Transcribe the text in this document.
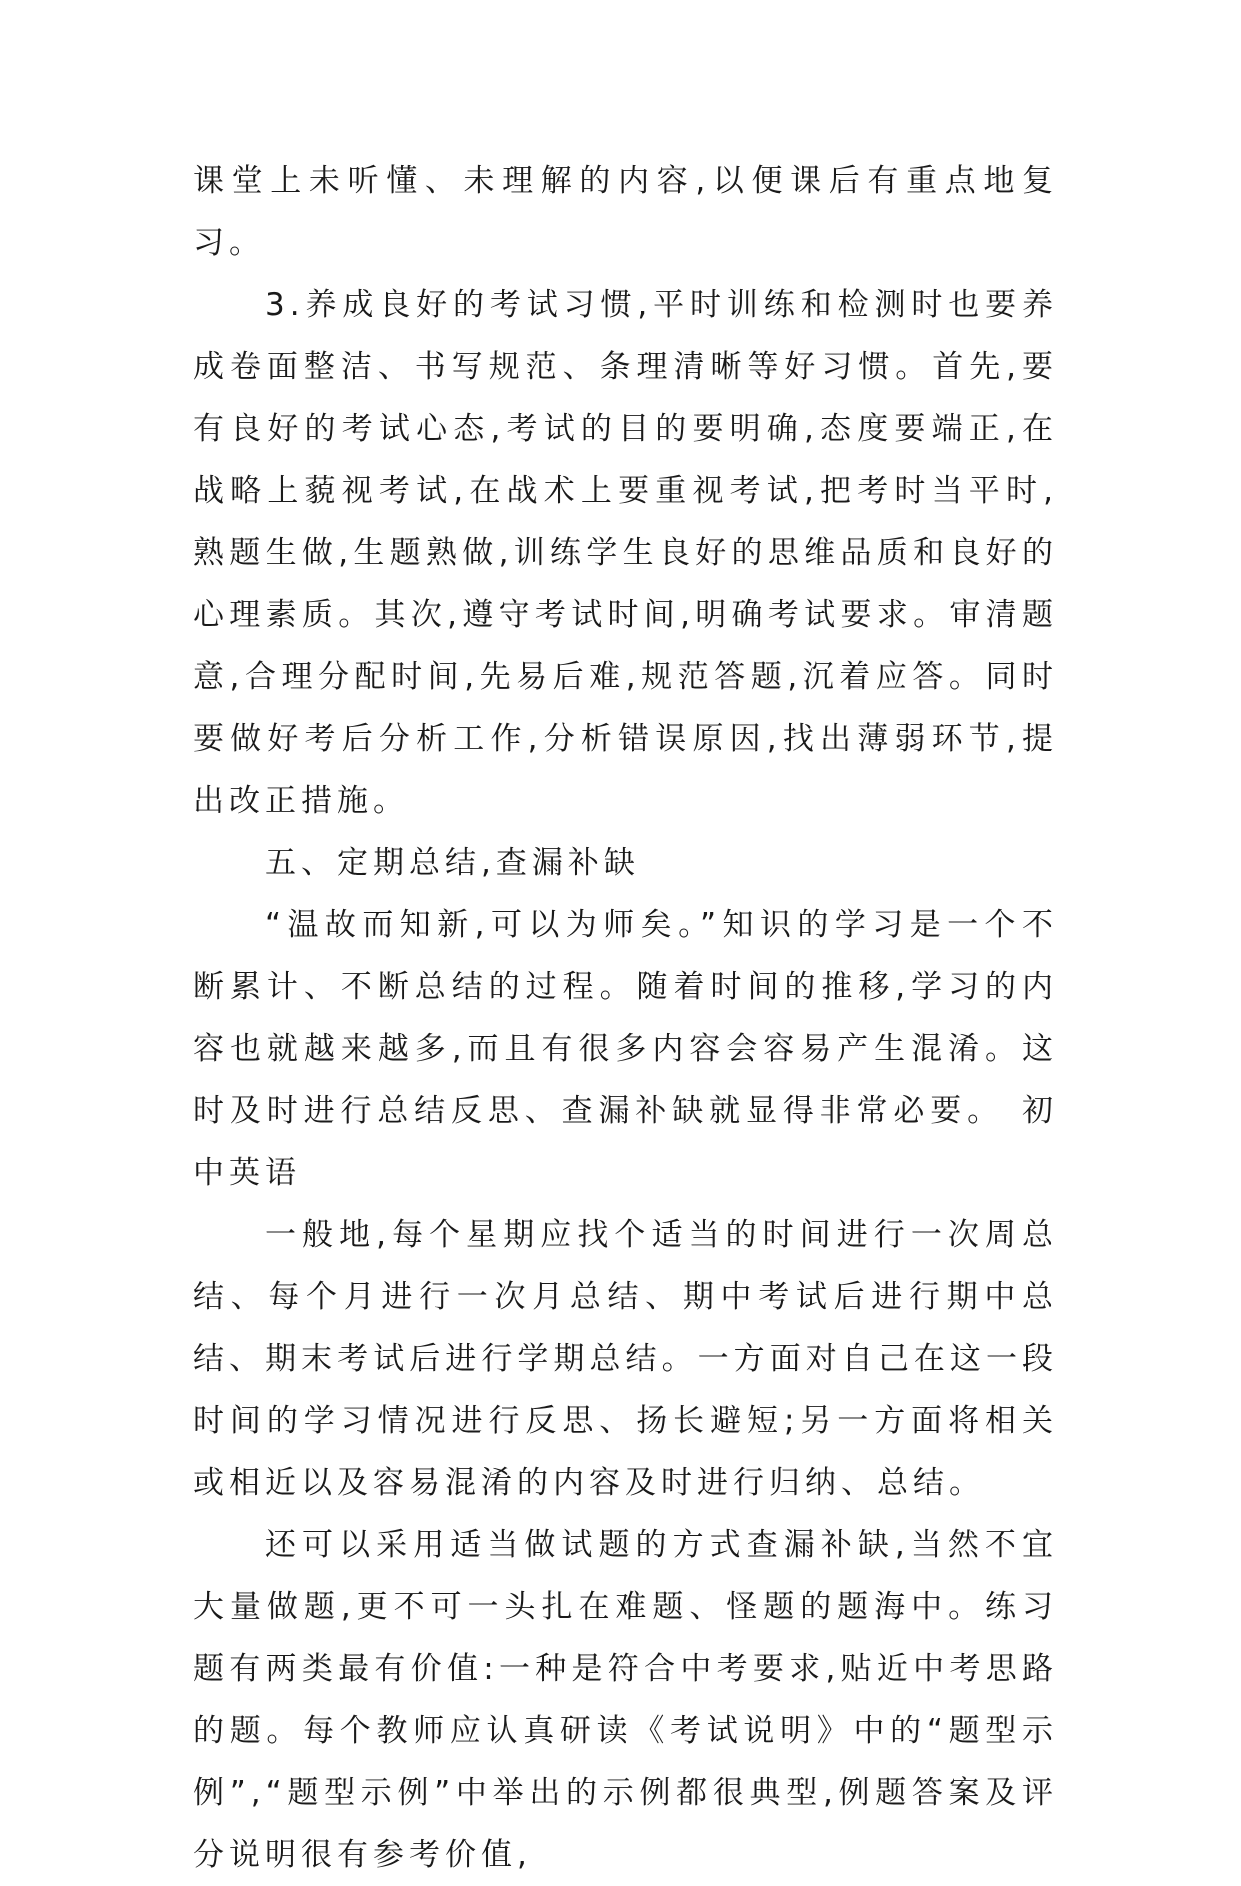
课堂上未听懂、未理解的内容,以便课后有重点地复习。

3.养成良好的考试习惯,平时训练和检测时也要养成卷面整洁、书写规范、条理清晰等好习惯。首先,要有良好的考试心态,考试的目的要明确,态度要端正,在战略上藐视考试,在战术上要重视考试,把考时当平时,熟题生做,生题熟做,训练学生良好的思维品质和良好的心理素质。其次,遵守考试时间,明确考试要求。审清题意,合理分配时间,先易后难,规范答题,沉着应答。同时要做好考后分析工作,分析错误原因,找出薄弱环节,提出改正措施。

五、定期总结,查漏补缺

“温故而知新,可以为师矣。”知识的学习是一个不断累计、不断总结的过程。随着时间的推移,学习的内容也就越来越多,而且有很多内容会容易产生混淆。这时及时进行总结反思、查漏补缺就显得非常必要。 初中英语

一般地,每个星期应找个适当的时间进行一次周总结、每个月进行一次月总结、期中考试后进行期中总结、期末考试后进行学期总结。一方面对自己在这一段时间的学习情况进行反思、扬长避短;另一方面将相关或相近以及容易混淆的内容及时进行归纳、总结。

还可以采用适当做试题的方式查漏补缺,当然不宜大量做题,更不可一头扎在难题、怪题的题海中。练习题有两类最有价值:一种是符合中考要求,贴近中考思路的题。每个教师应认真研读《考试说明》中的“题型示例”,“题型示例”中举出的示例都很典型,例题答案及评分说明很有参考价值,
